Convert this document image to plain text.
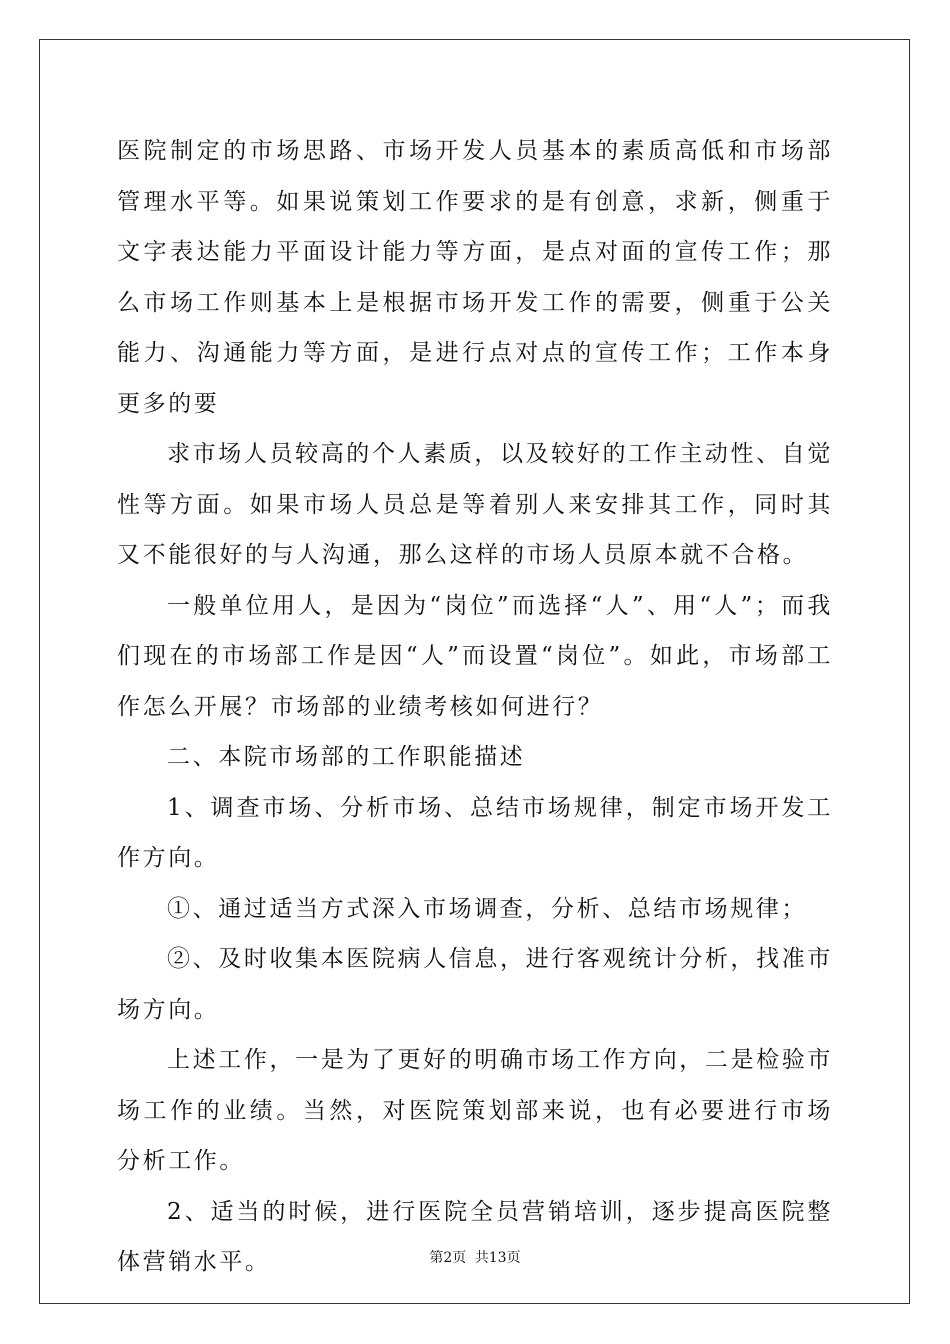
医院制定的市场思路、市场开发人员基本的素质高低和市场部管理水平等。如果说策划工作要求的是有创意，求新，侧重于文字表达能力平面设计能力等方面，是点对面的宣传工作；那么市场工作则基本上是根据市场开发工作的需要，侧重于公关能力、沟通能力等方面，是进行点对点的宣传工作；工作本身更多的要

求市场人员较高的个人素质，以及较好的工作主动性、自觉性等方面。如果市场人员总是等着别人来安排其工作，同时其又不能很好的与人沟通，那么这样的市场人员原本就不合格。

一般单位用人，是因为“岗位”而选择“人”、用“人”；而我们现在的市场部工作是因“人”而设置“岗位”。如此，市场部工作怎么开展？市场部的业绩考核如何进行？

二、本院市场部的工作职能描述

1、调查市场、分析市场、总结市场规律，制定市场开发工作方向。

①、通过适当方式深入市场调查，分析、总结市场规律；

②、及时收集本医院病人信息，进行客观统计分析，找准市场方向。

上述工作，一是为了更好的明确市场工作方向，二是检验市场工作的业绩。当然，对医院策划部来说，也有必要进行市场分析工作。

2、适当的时候，进行医院全员营销培训，逐步提高医院整体营销水平。	第2页 共13页
